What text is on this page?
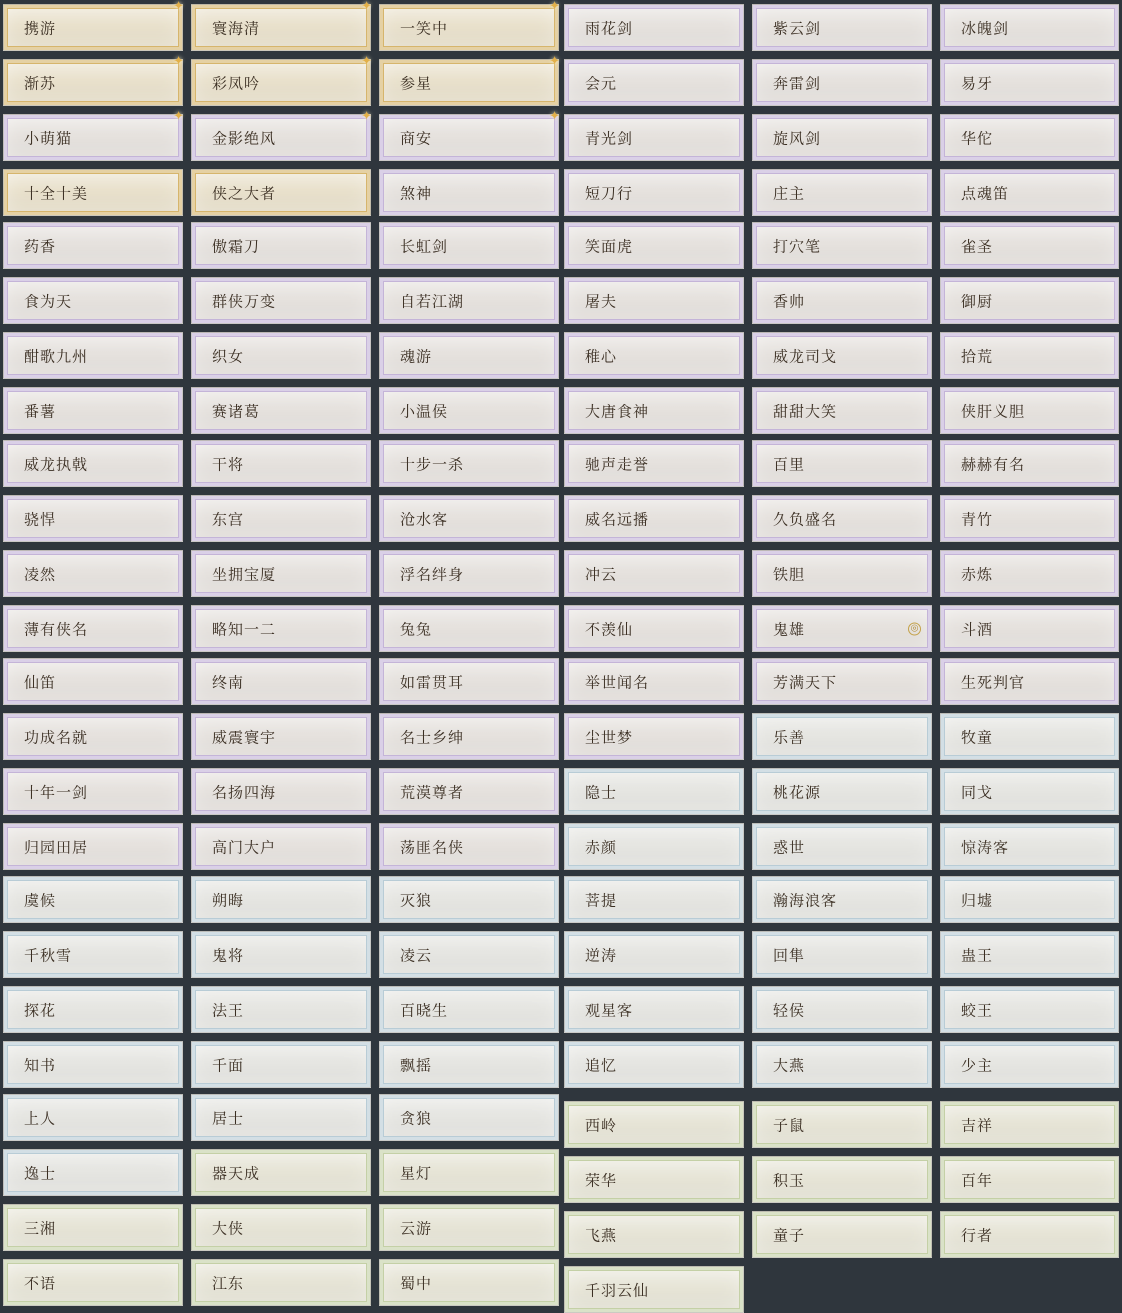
携游
✦
渐苏
✦
小萌猫
✦
十全十美
药香
食为天
酣歌九州
番薯
威龙执戟
骁悍
凌然
薄有侠名
仙笛
功成名就
十年一剑
归园田居
虞候
千秋雪
探花
知书
上人
逸士
三湘
不语
寰海清
✦
彩凤吟
✦
金影绝风
✦
侠之大者
傲霜刀
群侠万变
织女
赛诸葛
干将
东宫
坐拥宝厦
略知一二
终南
威震寰宇
名扬四海
高门大户
朔晦
鬼将
法王
千面
居士
器天成
大侠
江东
一笑中
✦
参星
✦
商安
✦
煞神
长虹剑
自若江湖
魂游
小温侯
十步一杀
沧水客
浮名绊身
兔兔
如雷贯耳
名士乡绅
荒漠尊者
荡匪名侠
灭狼
凌云
百晓生
飘摇
贪狼
星灯
云游
蜀中
雨花剑
会元
青光剑
短刀行
笑面虎
屠夫
稚心
大唐食神
驰声走誉
威名远播
冲云
不羡仙
举世闻名
尘世梦
隐士
赤颜
菩提
逆涛
观星客
追忆
西岭
荣华
飞燕
千羽云仙
紫云剑
奔雷剑
旋风剑
庄主
打穴笔
香帅
威龙司戈
甜甜大笑
百里
久负盛名
铁胆
鬼雄	◎
芳满天下
乐善
桃花源
惑世
瀚海浪客
回隼
轻侯
大燕
子鼠
积玉
童子
冰魄剑
易牙
华佗
点魂笛
雀圣
御厨
拾荒
侠肝义胆
赫赫有名
青竹
赤炼
斗酒
生死判官
牧童
同戈
惊涛客
归墟
蛊王
蛟王
少主
吉祥
百年
行者
